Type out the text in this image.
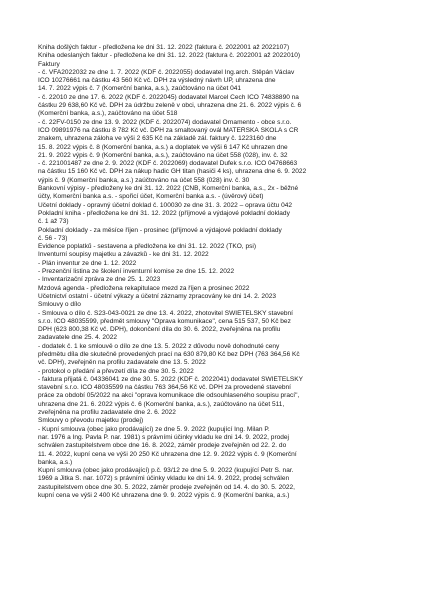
Kniha došlých faktur - předložena ke dni 31. 12. 2022 (faktura č. 2022001 až 2022107)
Kniha odeslaných faktur - předložena ke dni 31. 12. 2022 (faktura č. 2022001 až 2022010)
Faktury
- č. VFA2022032 ze dne 1. 7. 2022 (KDF č. 2022055) dodavatel Ing.arch. Štěpán Václav
IČO 10276661 na částku 43 560 Kč vč. DPH za výsledný návrh ÚP, uhrazena dne
14. 7. 2022 výpis č. 7 (Komerční banka, a.s.), zaúčtováno na účet 041
- č. 22010 ze dne 17. 6. 2022 (KDF č. 2022045) dodavatel Marcel Čech IČO 74838890 na
částku 29 638,60 Kč vč. DPH za údržbu zeleně v obci, uhrazena dne 21. 6. 2022 výpis č. 6
(Komerční banka, a.s.), zaúčtováno na účet 518
- č. 22FV-0150 ze dne 13. 9. 2022 (KDF č. 2022074) dodavatel Ornamento - obce s.r.o.
IČO 09891976 na částku 8 782 Kč vč. DPH za smaltovaný ovál MATEŘSKÁ ŠKOLA s ČR
znakem, uhrazena záloha ve výši 2 635 Kč na základě zál. faktury č. 1223160 dne
15. 8. 2022 výpis č. 8 (Komerční banka, a.s.) a doplatek ve výši 6 147 Kč uhrazen dne
21. 9. 2022 výpis č. 9 (Komerční banka, a.s.), zaúčtováno na účet 558 (028), inv. č. 32
- č. 221001487 ze dne 2. 9. 2022 (KDF č. 2022069) dodavatel Dufek s.r.o. IČO 04768663
na částku 15 160 Kč vč. DPH za nákup hadic GH titan (hasiči 4 ks), uhrazena dne 6. 9. 2022
výpis č. 9 (Komerční banka, a.s.) zaúčtováno na účet 558 (028) inv. č. 30
Bankovní výpisy - předloženy ke dni 31. 12. 2022 (ČNB, Komerční banka, a.s., 2x - běžné
účty, Komerční banka a.s. - spořicí účet, Komerční banka a.s. - (úvěrový účet)
Účetní doklady - opravný účetní doklad č. 100030 ze dne 31. 3. 2022 – oprava účtu 042
Pokladní kniha - předložena ke dni 31. 12. 2022 (příjmové a výdajové pokladní doklady
č. 1 až 73)
Pokladní doklady - za měsíce říjen - prosinec (příjmové a výdajové pokladní doklady
č. 56 - 73)
Evidence poplatků - sestavena a předložena ke dni 31. 12. 2022 (TKO, psi)
Inventurní soupisy majetku a závazků - ke dni 31. 12. 2022
- Plán inventur ze dne 1. 12. 2022
- Prezenční listina ze školení inventurní komise ze dne 15. 12. 2022
- Inventarizační zpráva ze dne 25. 1. 2023
Mzdová agenda - předložena rekapitulace mezd za říjen a prosinec 2022
Účetnictví ostatní - účetní výkazy a účetní záznamy zpracovány ke dni 14. 2. 2023
Smlouvy o dílo
- Smlouva o dílo č. S23-043-0021 ze dne 13. 4. 2022, zhotovitel SWIETELSKY stavební
s.r.o. IČO 48035599, předmět smlouvy "Oprava komunikace", cena 515 537, 50 Kč bez
DPH (623 800,38 Kč vč. DPH), dokončení díla do 30. 6. 2022, zveřejněna na profilu
zadavatele dne 25. 4. 2022
- dodatek č. 1 ke smlouvě o dílo ze dne 13. 5. 2022 z důvodu nově dohodnuté ceny
předmětu díla dle skutečně provedených prací na 630 879,80 Kč bez DPH (763 364,56 Kč
vč. DPH), zveřejněn na profilu zadavatele dne 13. 5. 2022
- protokol o předání a převzetí díla ze dne 30. 5. 2022
- faktura přijatá č. 04336041 ze dne 30. 5. 2022 (KDF č. 2022041) dodavatel SWIETELSKY
stavební s.r.o. IČO 48035599 na částku 763 364,56 Kč vč. DPH za provedené stavební
práce za období 05/2022 na akci "oprava komunikace dle odsouhlaseného soupisu prací",
uhrazena dne 21. 6. 2022 výpis č. 6 (Komerční banka, a.s.), zaúčtováno na účet 511,
zveřejněna na profilu zadavatele dne 2. 6. 2022
Smlouvy o převodu majetku (prodej)
- Kupní smlouva (obec jako prodávající) ze dne 5. 9. 2022 (kupující Ing. Milan P.
nar. 1976 a Ing. Pavla P. nar. 1981) s právními účinky vkladu ke dni 14. 9. 2022, prodej
schválen zastupitelstvem obce dne 16. 8. 2022, záměr prodeje zveřejněn od 22. 2. do
11. 4. 2022, kupní cena ve výši 20 250 Kč uhrazena dne 12. 9. 2022 výpis č. 9 (Komerční
banka, a.s.)
Kupní smlouva (obec jako prodávající) p.č. 93/12 ze dne 5. 9. 2022 (kupující Petr Š. nar.
1969 a Jitka Š. nar. 1072) s právními účinky vkladu ke dni 14. 9. 2022, prodej schválen
zastupitelstvem obce dne 30. 5. 2022, záměr prodeje zveřejněn od 14. 4. do 30. 5. 2022,
kupní cena ve výši 2 400 Kč uhrazena dne 9. 9. 2022 výpis č. 9 (Komerční banka, a.s.)
